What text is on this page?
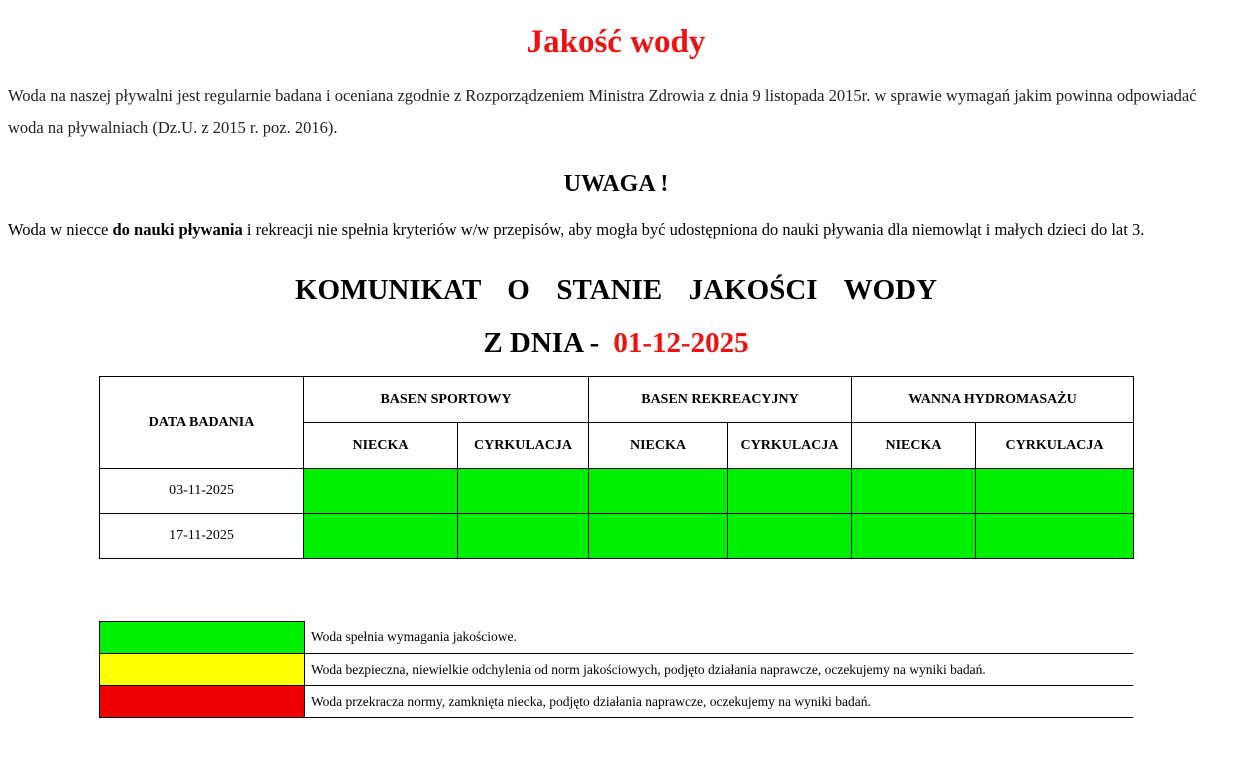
Jakość wody

Woda na naszej pływalni jest regularnie badana i oceniana zgodnie z Rozporządzeniem Ministra Zdrowia z dnia 9 listopada 2015r. w sprawie wymagań jakim powinna odpowiadać woda na pływalniach (Dz.U. z 2015 r. poz. 2016).

UWAGA !

Woda w niecce do nauki pływania i rekreacji nie spełnia kryteriów w/w przepisów, aby mogła być udostępniona do nauki pływania dla niemowląt i małych dzieci do lat 3.

KOMUNIKAT  O  STANIE  JAKOŚCI  WODY
Z DNIA - 01-12-2025
DATA BADANIA	BASEN SPORTOWY		BASEN REKREACYJNY		WANNA HYDROMASAŻU	
	NIECKA	CYRKULACJA	NIECKA	CYRKULACJA	NIECKA	CYRKULACJA
03-11-2025						
17-11-2025						
	Woda spełnia wymagania jakościowe.
	Woda bezpieczna, niewielkie odchylenia od norm jakościowych, podjęto działania naprawcze, oczekujemy na wyniki badań.
	Woda przekracza normy, zamknięta niecka, podjęto działania naprawcze, oczekujemy na wyniki badań.
